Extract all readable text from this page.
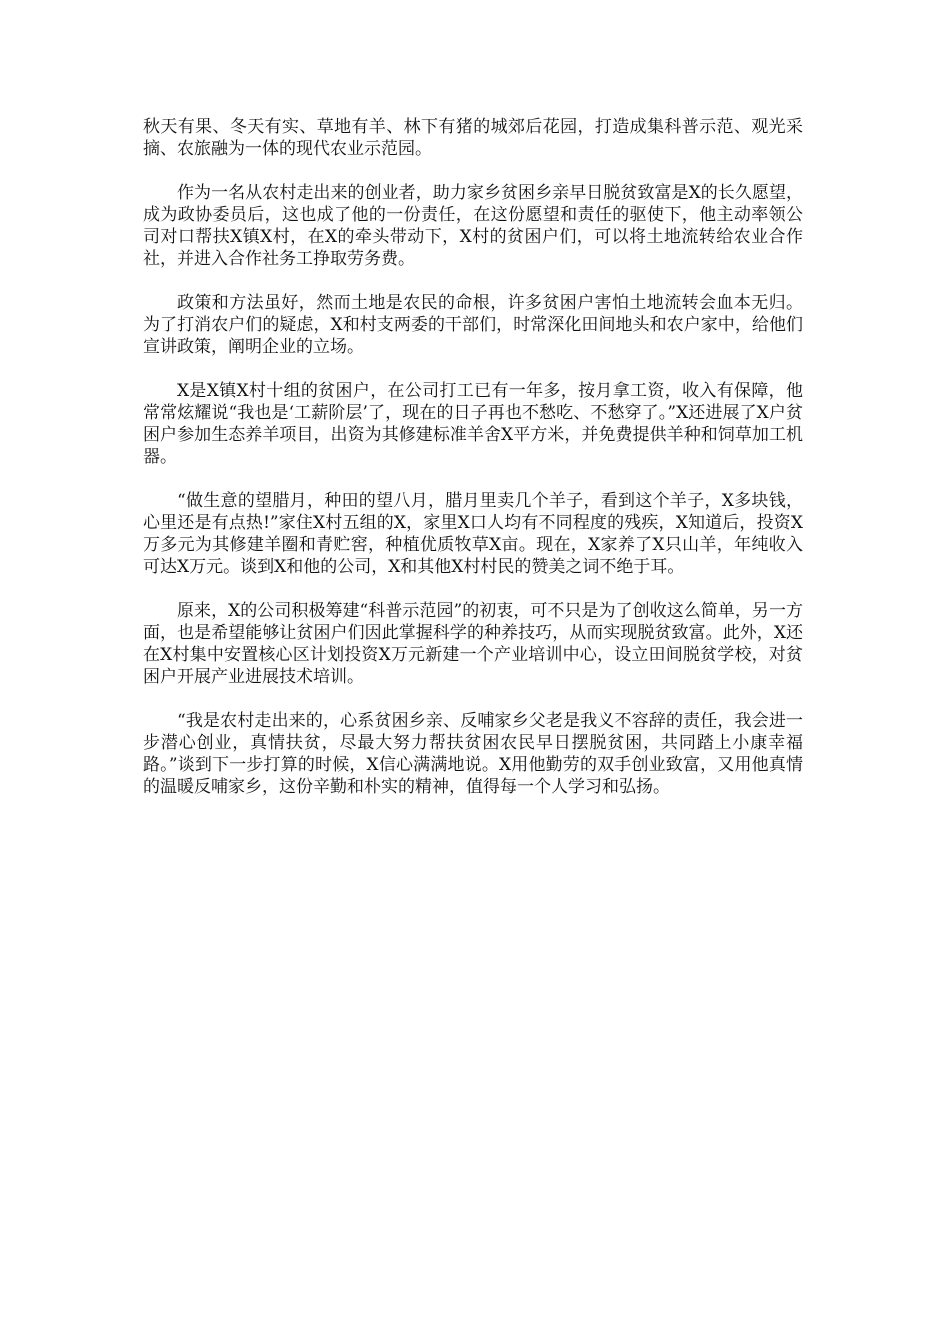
秋天有果、冬天有实、草地有羊、林下有猪的城郊后花园，打造成集科普示范、观光采摘、农旅融为一体的现代农业示范园。

作为一名从农村走出来的创业者，助力家乡贫困乡亲早日脱贫致富是X的长久愿望，成为政协委员后，这也成了他的一份责任，在这份愿望和责任的驱使下，他主动率领公司对口帮扶X镇X村，在X的牵头带动下，X村的贫困户们，可以将土地流转给农业合作社，并进入合作社务工挣取劳务费。

政策和方法虽好，然而土地是农民的命根，许多贫困户害怕土地流转会血本无归。为了打消农户们的疑虑，X和村支两委的干部们，时常深化田间地头和农户家中，给他们宣讲政策，阐明企业的立场。

X是X镇X村十组的贫困户，在公司打工已有一年多，按月拿工资，收入有保障，他常常炫耀说“我也是‘工薪阶层’了，现在的日子再也不愁吃、不愁穿了。”X还进展了X户贫困户参加生态养羊项目，出资为其修建标准羊舍X平方米，并免费提供羊种和饲草加工机器。

“做生意的望腊月，种田的望八月，腊月里卖几个羊子，看到这个羊子，X多块钱，心里还是有点热!”家住X村五组的X，家里X口人均有不同程度的残疾，X知道后，投资X万多元为其修建羊圈和青贮窖，种植优质牧草X亩。现在，X家养了X只山羊，年纯收入可达X万元。谈到X和他的公司，X和其他X村村民的赞美之词不绝于耳。

原来，X的公司积极筹建“科普示范园”的初衷，可不只是为了创收这么简单，另一方面，也是希望能够让贫困户们因此掌握科学的种养技巧，从而实现脱贫致富。此外，X还在X村集中安置核心区计划投资X万元新建一个产业培训中心，设立田间脱贫学校，对贫困户开展产业进展技术培训。

“我是农村走出来的，心系贫困乡亲、反哺家乡父老是我义不容辞的责任，我会进一步潜心创业，真情扶贫，尽最大努力帮扶贫困农民早日摆脱贫困，共同踏上小康幸福路。”谈到下一步打算的时候，X信心满满地说。X用他勤劳的双手创业致富，又用他真情的温暖反哺家乡，这份辛勤和朴实的精神，值得每一个人学习和弘扬。
